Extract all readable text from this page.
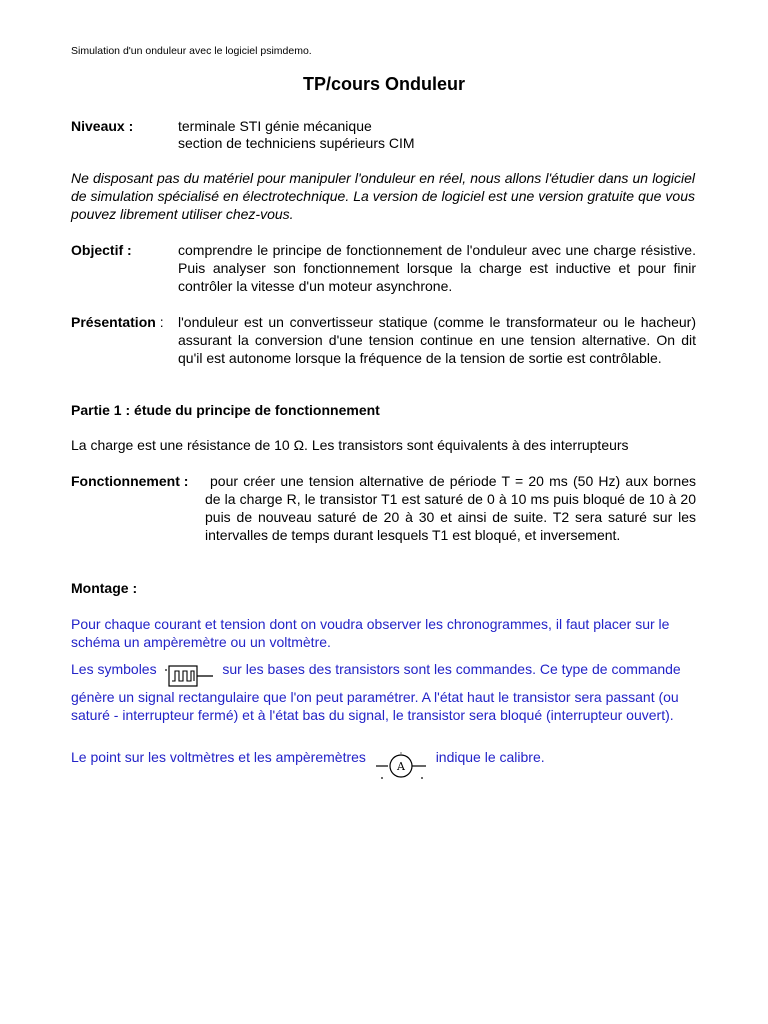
Simulation d'un onduleur avec le logiciel psimdemo.
TP/cours Onduleur
Niveaux :	terminale STI génie mécanique
section de techniciens supérieurs CIM
Ne disposant pas du matériel pour manipuler l'onduleur en réel, nous allons l'étudier dans un logiciel de simulation spécialisé en électrotechnique. La version de logiciel est une version gratuite que vous pouvez librement utiliser chez-vous.
Objectif :	comprendre le principe de fonctionnement de l'onduleur avec une charge résistive. Puis analyser son fonctionnement lorsque la charge est inductive et pour finir contrôler la vitesse d'un moteur asynchrone.
Présentation : l'onduleur est un convertisseur statique (comme le transformateur ou le hacheur) assurant la conversion d'une tension continue en une tension alternative. On dit qu'il est autonome lorsque la fréquence de la tension de sortie est contrôlable.
Partie 1 : étude du principe de fonctionnement
La charge est une résistance de 10 Ω. Les transistors sont équivalents à des interrupteurs
Fonctionnement :	pour créer une tension alternative de période T = 20 ms (50 Hz) aux bornes de la charge R, le transistor T1 est saturé de 0 à 10 ms puis bloqué de 10 à 20 puis de nouveau saturé de 20 à 30 et ainsi de suite. T2 sera saturé sur les intervalles de temps durant lesquels T1 est bloqué, et inversement.
Montage :
Pour chaque courant et tension dont on voudra observer les chronogrammes, il faut placer sur le schéma un ampèremètre ou un voltmètre.
Les symboles	sur les bases des transistors sont les commandes. Ce type de commande génère un signal rectangulaire que l'on peut paramétrer. A l'état haut le transistor sera passant (ou saturé - interrupteur fermé) et à l'état bas du signal, le transistor sera bloqué (interrupteur ouvert).
Le point sur les voltmètres et les ampèremètres
A
indique le calibre.
